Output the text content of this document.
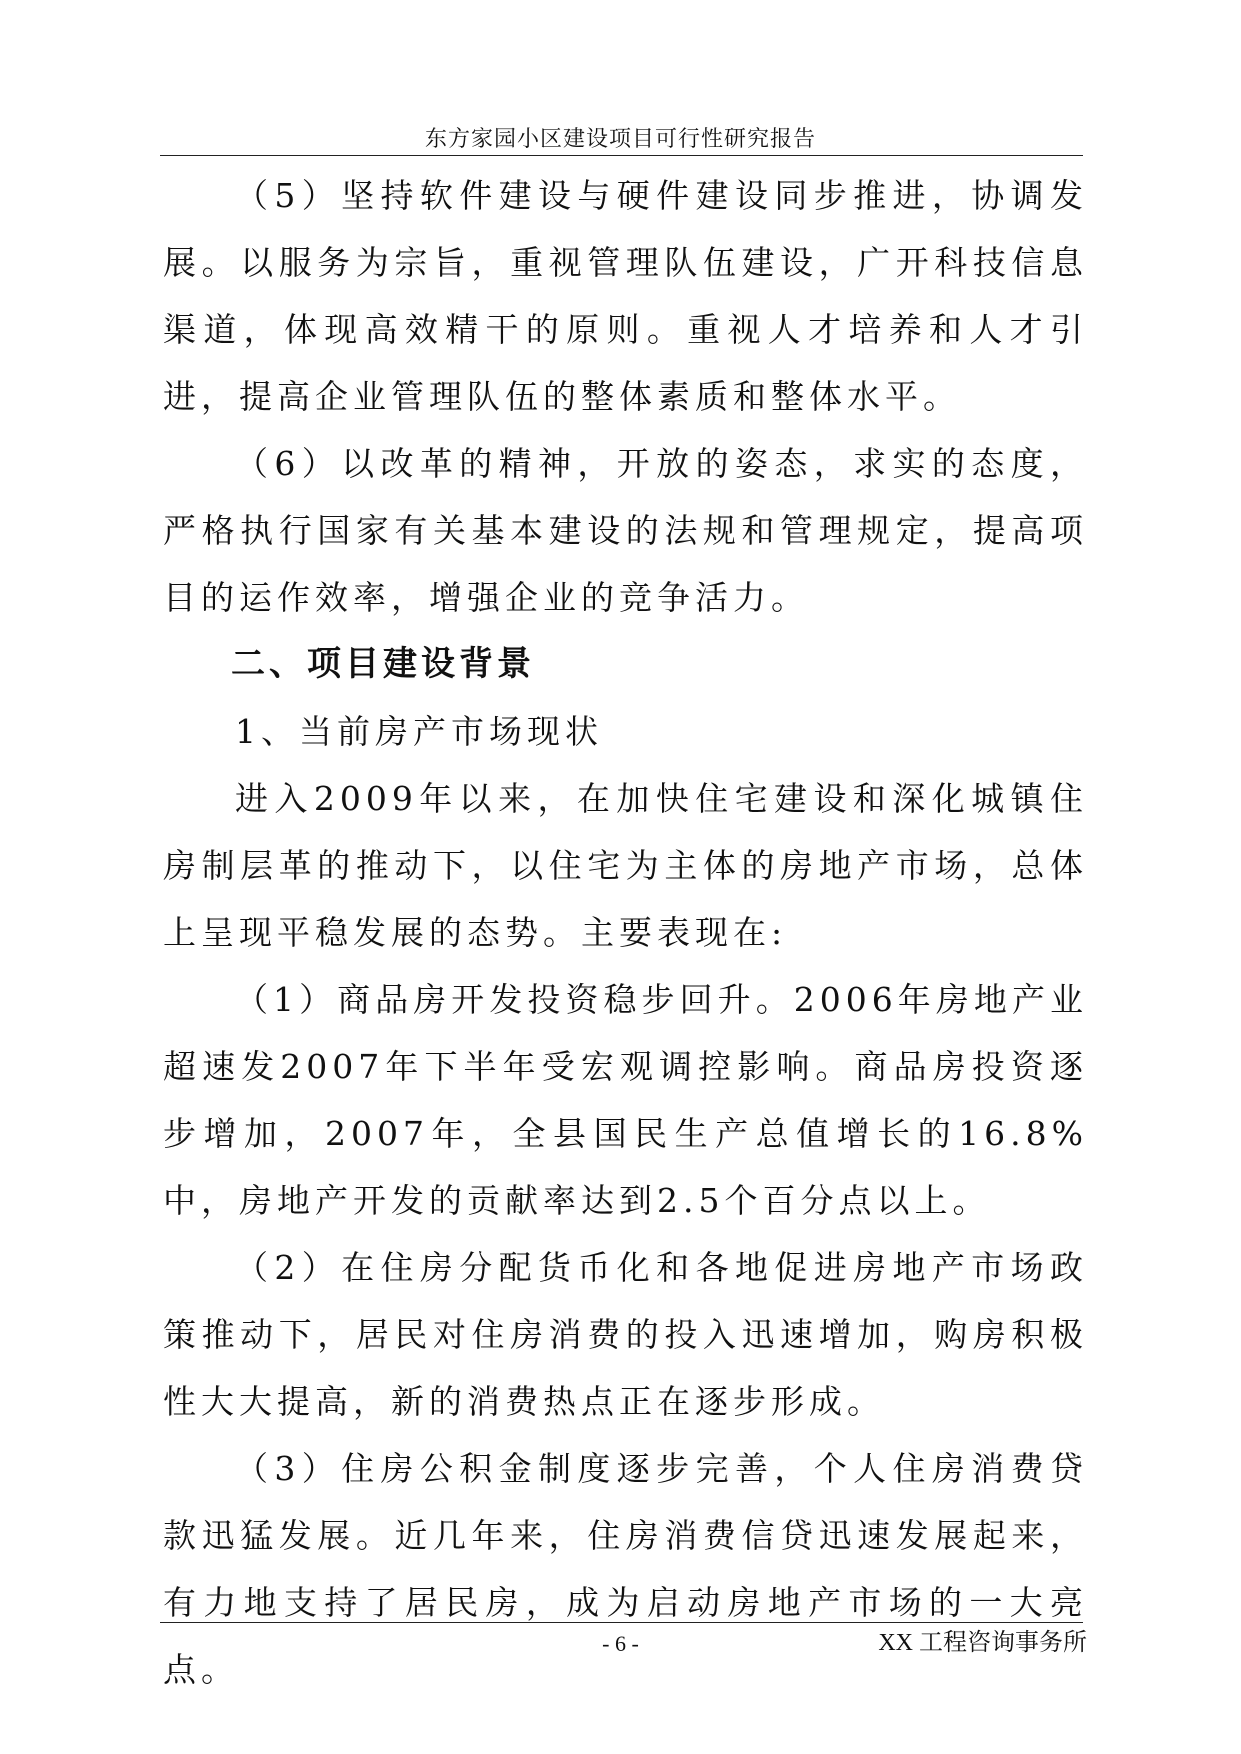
东方家园小区建设项目可行性研究报告

（5）坚持软件建设与硬件建设同步推进，协调发展。以服务为宗旨，重视管理队伍建设，广开科技信息渠道，体现高效精干的原则。重视人才培养和人才引进，提高企业管理队伍的整体素质和整体水平。

（6）以改革的精神，开放的姿态，求实的态度，严格执行国家有关基本建设的法规和管理规定，提高项目的运作效率，增强企业的竞争活力。

二、项目建设背景

1、当前房产市场现状

进入2009年以来，在加快住宅建设和深化城镇住房制层革的推动下，以住宅为主体的房地产市场，总体上呈现平稳发展的态势。主要表现在:

（1）商品房开发投资稳步回升。2006年房地产业超速发2007年下半年受宏观调控影响。商品房投资逐步增加，2007年，全县国民生产总值增长的16.8%中，房地产开发的贡献率达到2.5个百分点以上。

（2）在住房分配货币化和各地促进房地产市场政策推动下，居民对住房消费的投入迅速增加，购房积极性大大提高，新的消费热点正在逐步形成。

（3）住房公积金制度逐步完善，个人住房消费贷款迅猛发展。近几年来，住房消费信贷迅速发展起来，有力地支持了居民房，成为启动房地产市场的一大亮点。

- 6 -	XX 工程咨询事务所
